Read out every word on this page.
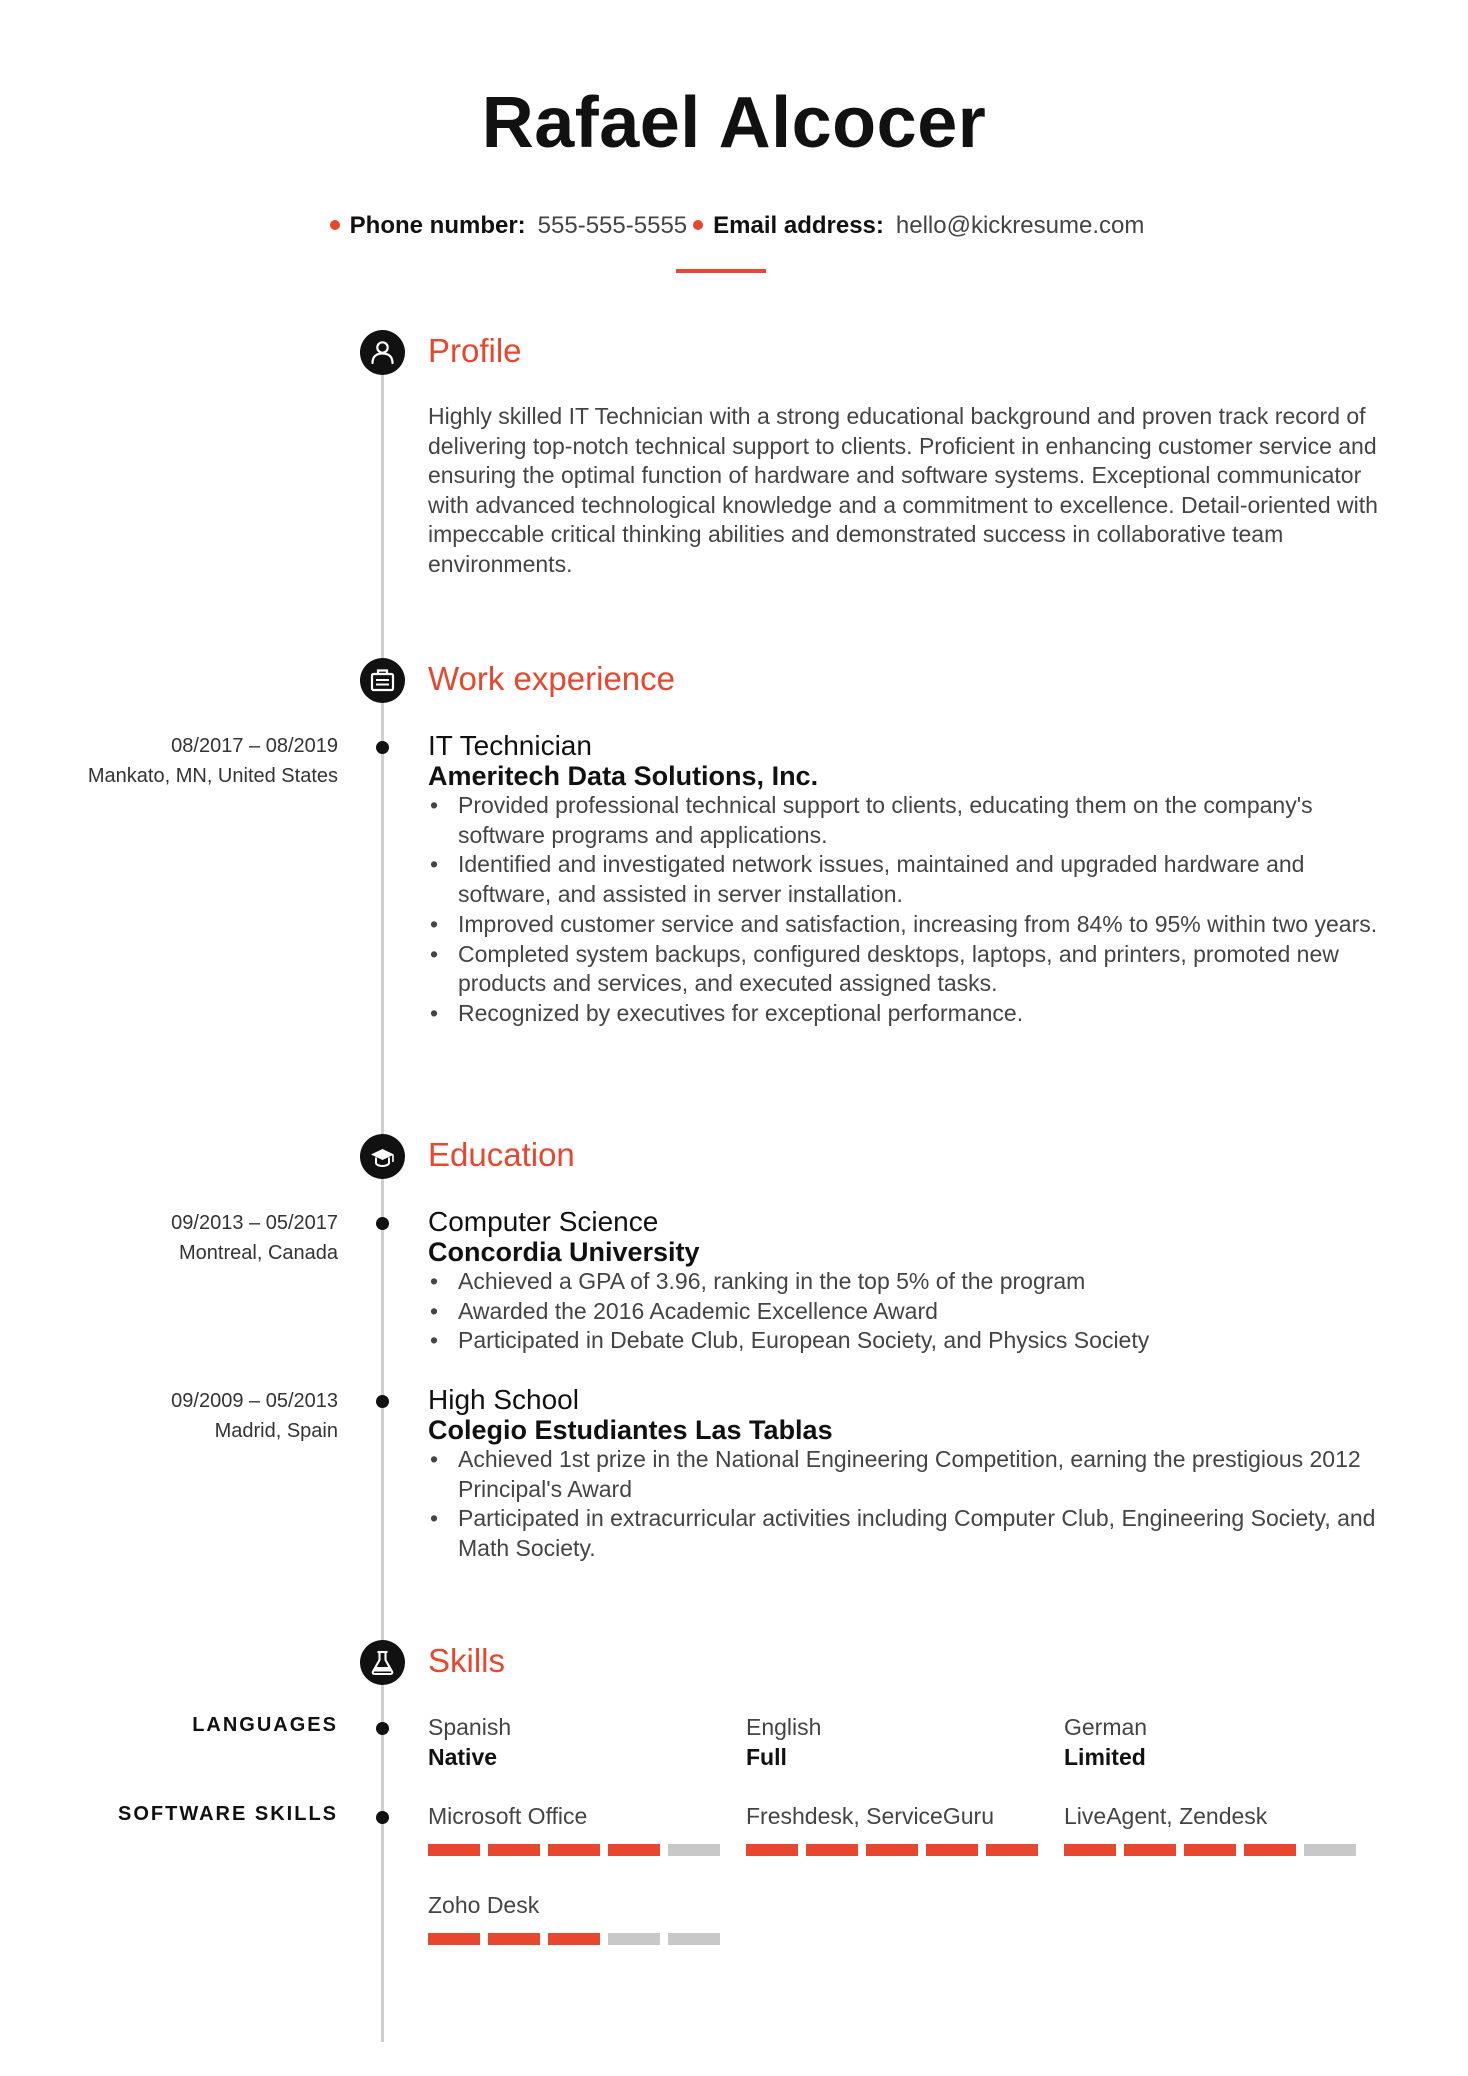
Rafael Alcocer
Phone number: 555-555-5555 Email address: hello@kickresume.com
Profile
Highly skilled IT Technician with a strong educational background and proven track record of delivering top-notch technical support to clients. Proficient in enhancing customer service and ensuring the optimal function of hardware and software systems. Exceptional communicator with advanced technological knowledge and a commitment to excellence. Detail-oriented with impeccable critical thinking abilities and demonstrated success in collaborative team environments.
Work experience
08/2017 – 08/2019
Mankato, MN, United States
IT Technician
Ameritech Data Solutions, Inc.
• Provided professional technical support to clients, educating them on the company's software programs and applications.
• Identified and investigated network issues, maintained and upgraded hardware and software, and assisted in server installation.
• Improved customer service and satisfaction, increasing from 84% to 95% within two years.
• Completed system backups, configured desktops, laptops, and printers, promoted new products and services, and executed assigned tasks.
• Recognized by executives for exceptional performance.
Education
09/2013 – 05/2017
Montreal, Canada
Computer Science
Concordia University
• Achieved a GPA of 3.96, ranking in the top 5% of the program
• Awarded the 2016 Academic Excellence Award
• Participated in Debate Club, European Society, and Physics Society
09/2009 – 05/2013
Madrid, Spain
High School
Colegio Estudiantes Las Tablas
• Achieved 1st prize in the National Engineering Competition, earning the prestigious 2012 Principal's Award
• Participated in extracurricular activities including Computer Club, Engineering Society, and Math Society.
Skills
LANGUAGES	Spanish
Native
English
Full
German
Limited
SOFTWARE SKILLS	Microsoft Office	Freshdesk, ServiceGuru	LiveAgent, Zendesk
Zoho Desk
